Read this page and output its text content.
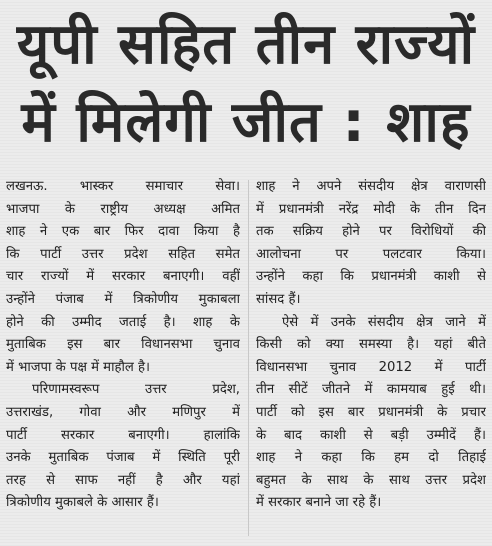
यूपी सहित तीन राज्यों
में मिलेगी जीत : शाह
लखनऊ. भास्कर समाचार सेवा।
भाजपा के राष्ट्रीय अध्यक्ष अमित
शाह ने एक बार फिर दावा किया है
कि पार्टी उत्तर प्रदेश सहित समेत
चार राज्यों में सरकार बनाएगी। वहीं
उन्होंने पंजाब में त्रिकोणीय मुकाबला
होने की उम्मीद जताई है। शाह के
मुताबिक इस बार विधानसभा चुनाव
में भाजपा के पक्ष में माहौल है।
परिणामस्वरूप उत्तर प्रदेश,
उत्तराखंड, गोवा और मणिपुर में
पार्टी सरकार बनाएगी। हालांकि
उनके मुताबिक पंजाब में स्थिति पूरी
तरह से साफ नहीं है और यहां
त्रिकोणीय मुकाबले के आसार हैं।
शाह ने अपने संसदीय क्षेत्र वाराणसी
में प्रधानमंत्री नरेंद्र मोदी के तीन दिन
तक सक्रिय होने पर विरोधियों की
आलोचना पर पलटवार किया।
उन्होंने कहा कि प्रधानमंत्री काशी से
सांसद हैं।
ऐसे में उनके संसदीय क्षेत्र जाने में
किसी को क्या समस्या है। यहां बीते
विधानसभा चुनाव 2012 में पार्टी
तीन सीटें जीतने में कामयाब हुई थी।
पार्टी को इस बार प्रधानमंत्री के प्रचार
के बाद काशी से बड़ी उम्मीदें हैं।
शाह ने कहा कि हम दो तिहाई
बहुमत के साथ के साथ उत्तर प्रदेश
में सरकार बनाने जा रहे हैं।
